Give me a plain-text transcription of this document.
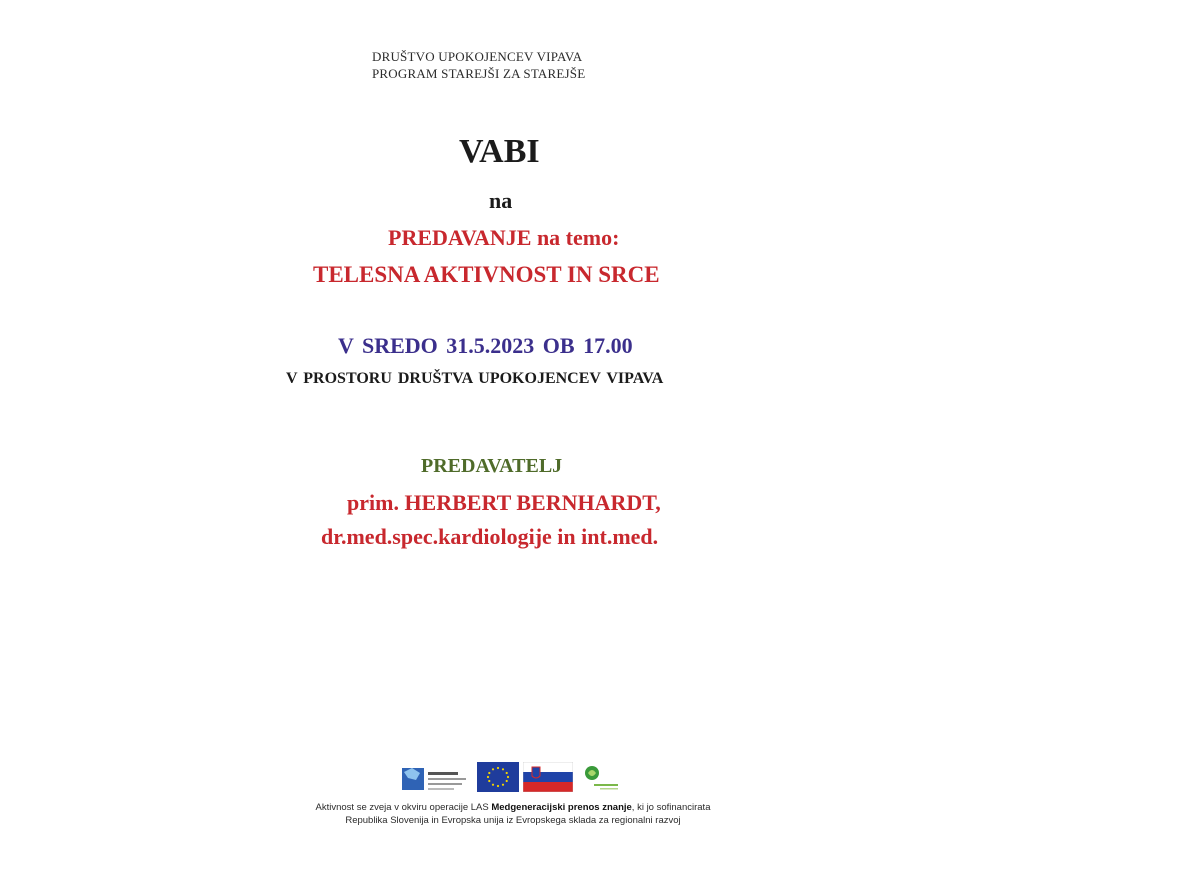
DRUŠTVO UPOKOJENCEV VIPAVA
PROGRAM STAREJŠI ZA STAREJŠE
VABI
na
PREDAVANJE na temo:
TELESNA AKTIVNOST IN SRCE
V SREDO 31.5.2023 OB 17.00
V PROSTORU DRUŠTVA UPOKOJENCEV VIPAVA
PREDAVATELJ
prim. HERBERT BERNHARDT,
dr.med.spec.kardiologije in int.med.
Aktivnost se zveja v okviru operacije LAS Medgeneracijski prenos znanje, ki jo sofinancirata
Republika Slovenija in Evropska unija iz Evropskega sklada za regionalni razvoj
